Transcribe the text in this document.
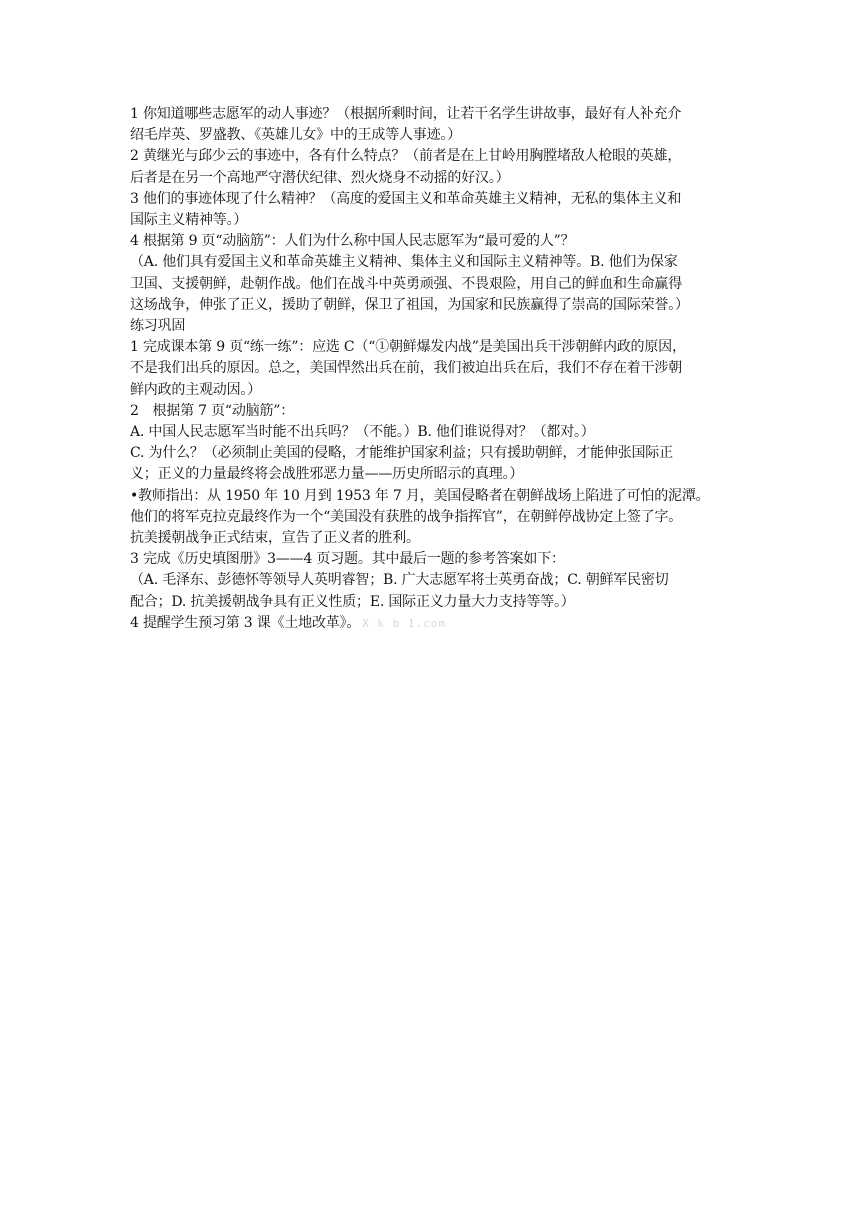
1 你知道哪些志愿军的动人事迹？（根据所剩时间，让若干名学生讲故事，最好有人补充介
绍毛岸英、罗盛教、《英雄儿女》中的王成等人事迹。）
2 黄继光与邱少云的事迹中，各有什么特点？（前者是在上甘岭用胸膛堵敌人枪眼的英雄，
后者是在另一个高地严守潜伏纪律、烈火烧身不动摇的好汉。）
3 他们的事迹体现了什么精神？（高度的爱国主义和革命英雄主义精神，无私的集体主义和
国际主义精神等。）
4 根据第 9 页“动脑筋”：人们为什么称中国人民志愿军为“最可爱的人”？
（A. 他们具有爱国主义和革命英雄主义精神、集体主义和国际主义精神等。B. 他们为保家
卫国、支援朝鲜，赴朝作战。他们在战斗中英勇顽强、不畏艰险，用自己的鲜血和生命赢得
这场战争，伸张了正义，援助了朝鲜，保卫了祖国，为国家和民族赢得了崇高的国际荣誉。）
练习巩固
1 完成课本第 9 页“练一练”：应选 C（“①朝鲜爆发内战”是美国出兵干涉朝鲜内政的原因，
不是我们出兵的原因。总之，美国悍然出兵在前，我们被迫出兵在后，我们不存在着干涉朝
鲜内政的主观动因。）
2　根据第 7 页“动脑筋”：
A. 中国人民志愿军当时能不出兵吗？（不能。）B. 他们谁说得对？（都对。）
C. 为什么？（必须制止美国的侵略，才能维护国家利益；只有援助朝鲜，才能伸张国际正
义；正义的力量最终将会战胜邪恶力量——历史所昭示的真理。）
•教师指出：从 1950 年 10 月到 1953 年 7 月，美国侵略者在朝鲜战场上陷进了可怕的泥潭。
他们的将军克拉克最终作为一个“美国没有获胜的战争指挥官”，在朝鲜停战协定上签了字。
抗美援朝战争正式结束，宣告了正义者的胜利。
3 完成《历史填图册》3——4 页习题。其中最后一题的参考答案如下：
（A. 毛泽东、彭德怀等领导人英明睿智；B. 广大志愿军将士英勇奋战；C. 朝鲜军民密切
配合；D. 抗美援朝战争具有正义性质；E. 国际正义力量大力支持等等。）
4 提醒学生预习第 3 课《土地改革》。 X k b 1.com
